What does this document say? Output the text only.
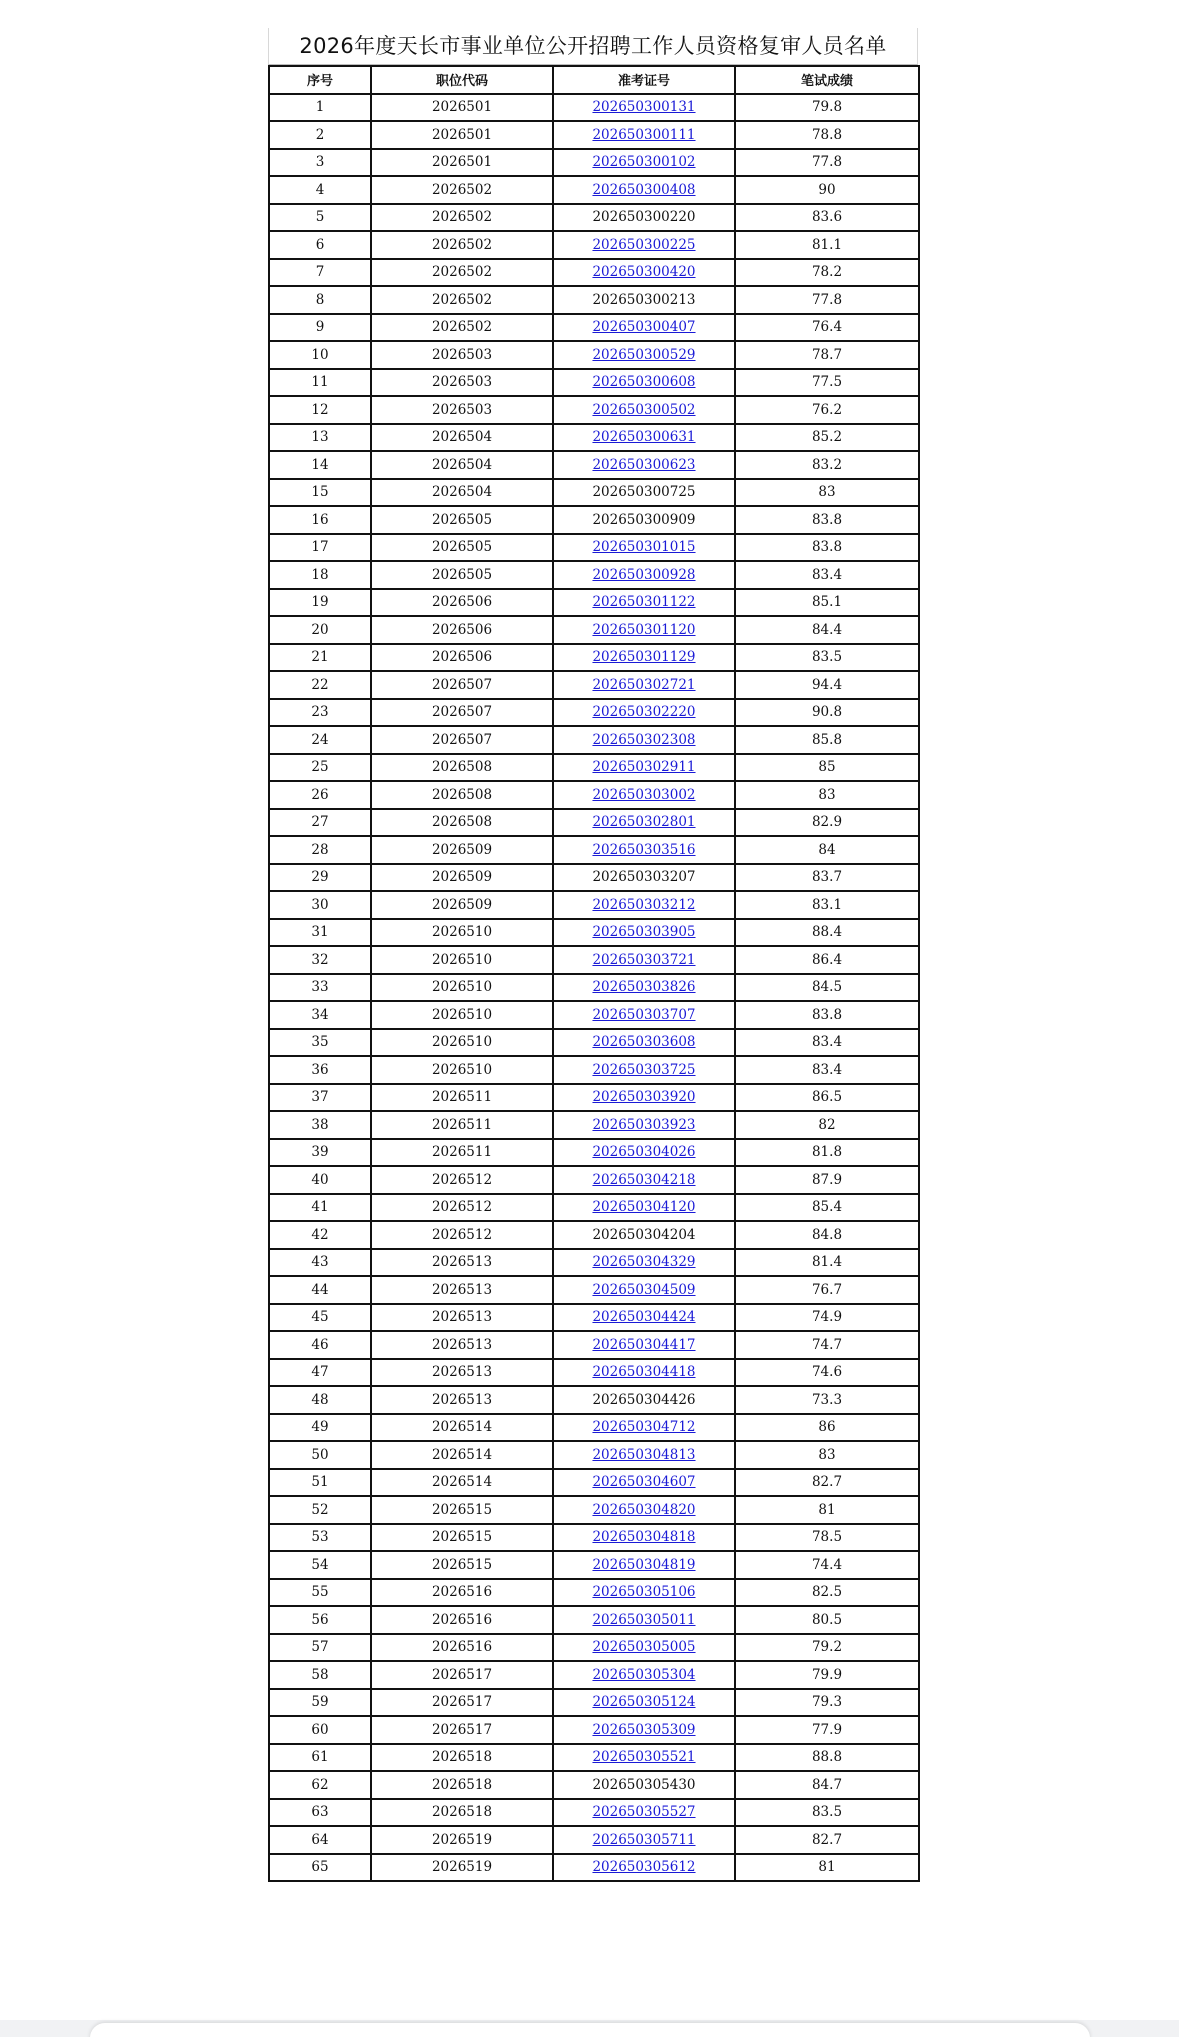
2026年度天长市事业单位公开招聘工作人员资格复审人员名单
序号	职位代码	准考证号	笔试成绩
1	2026501	202650300131	79.8
2	2026501	202650300111	78.8
3	2026501	202650300102	77.8
4	2026502	202650300408	90
5	2026502	202650300220	83.6
6	2026502	202650300225	81.1
7	2026502	202650300420	78.2
8	2026502	202650300213	77.8
9	2026502	202650300407	76.4
10	2026503	202650300529	78.7
11	2026503	202650300608	77.5
12	2026503	202650300502	76.2
13	2026504	202650300631	85.2
14	2026504	202650300623	83.2
15	2026504	202650300725	83
16	2026505	202650300909	83.8
17	2026505	202650301015	83.8
18	2026505	202650300928	83.4
19	2026506	202650301122	85.1
20	2026506	202650301120	84.4
21	2026506	202650301129	83.5
22	2026507	202650302721	94.4
23	2026507	202650302220	90.8
24	2026507	202650302308	85.8
25	2026508	202650302911	85
26	2026508	202650303002	83
27	2026508	202650302801	82.9
28	2026509	202650303516	84
29	2026509	202650303207	83.7
30	2026509	202650303212	83.1
31	2026510	202650303905	88.4
32	2026510	202650303721	86.4
33	2026510	202650303826	84.5
34	2026510	202650303707	83.8
35	2026510	202650303608	83.4
36	2026510	202650303725	83.4
37	2026511	202650303920	86.5
38	2026511	202650303923	82
39	2026511	202650304026	81.8
40	2026512	202650304218	87.9
41	2026512	202650304120	85.4
42	2026512	202650304204	84.8
43	2026513	202650304329	81.4
44	2026513	202650304509	76.7
45	2026513	202650304424	74.9
46	2026513	202650304417	74.7
47	2026513	202650304418	74.6
48	2026513	202650304426	73.3
49	2026514	202650304712	86
50	2026514	202650304813	83
51	2026514	202650304607	82.7
52	2026515	202650304820	81
53	2026515	202650304818	78.5
54	2026515	202650304819	74.4
55	2026516	202650305106	82.5
56	2026516	202650305011	80.5
57	2026516	202650305005	79.2
58	2026517	202650305304	79.9
59	2026517	202650305124	79.3
60	2026517	202650305309	77.9
61	2026518	202650305521	88.8
62	2026518	202650305430	84.7
63	2026518	202650305527	83.5
64	2026519	202650305711	82.7
65	2026519	202650305612	81
